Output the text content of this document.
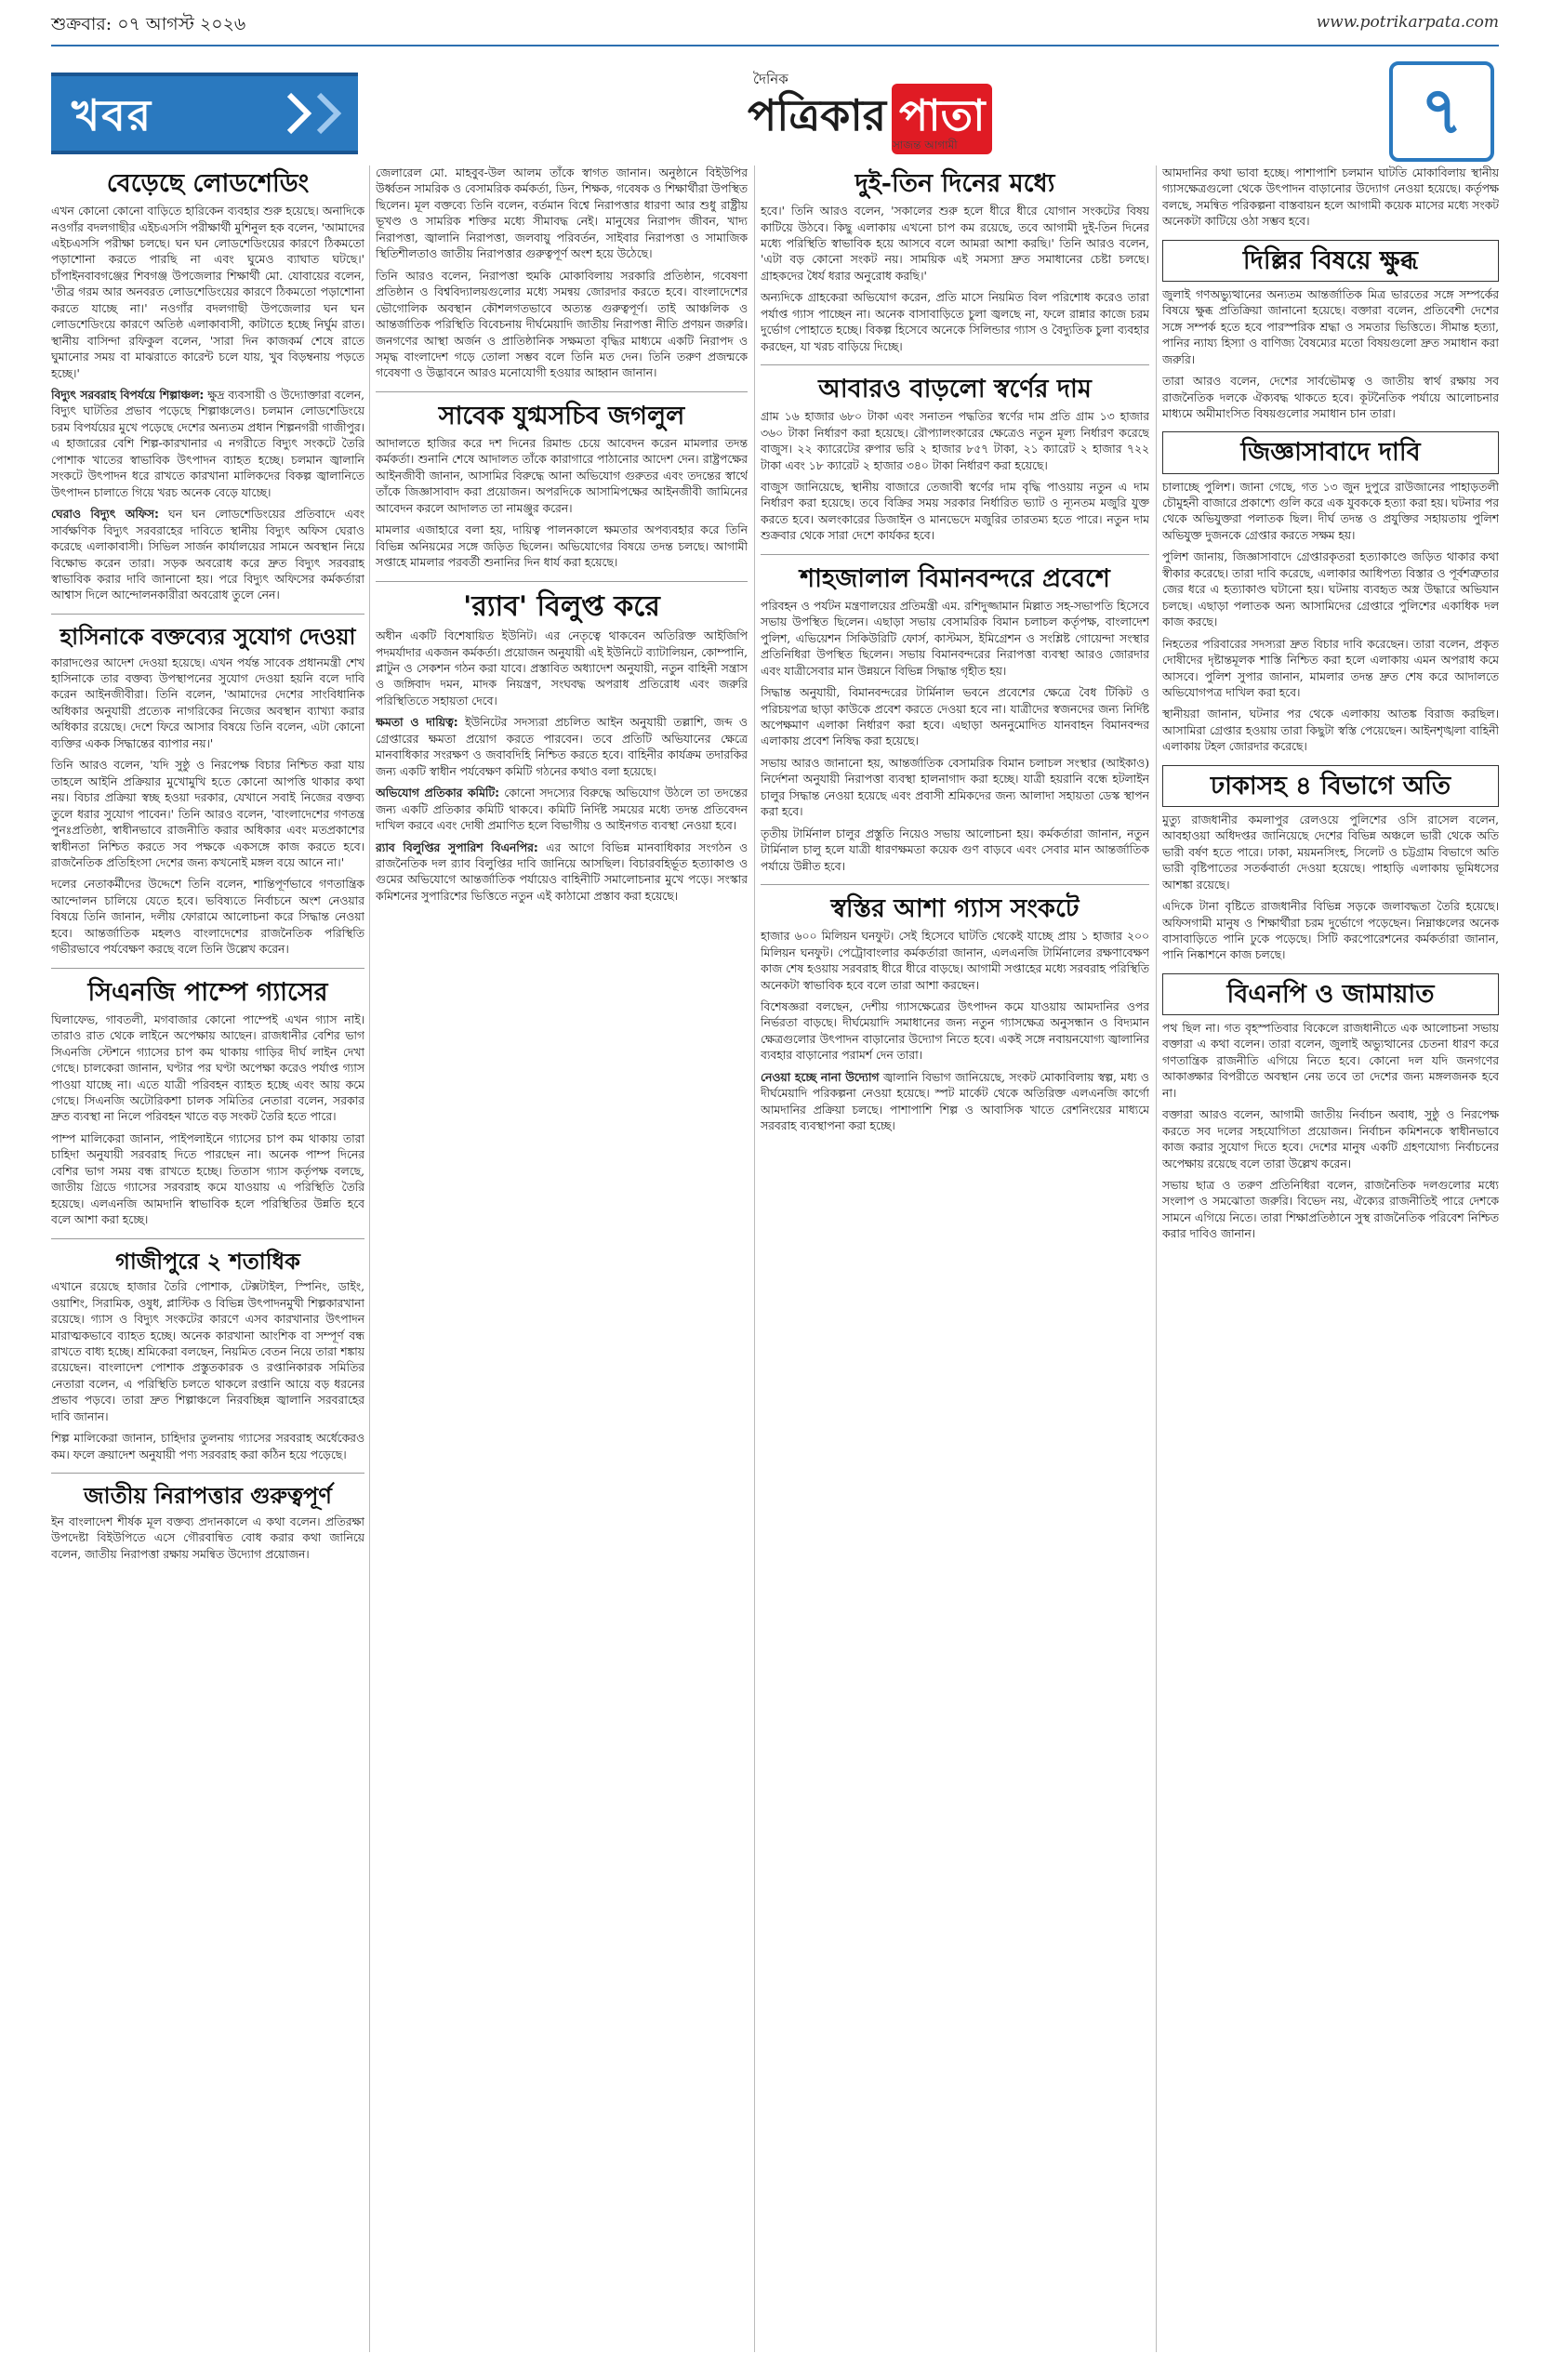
শুক্রবার: ০৭ আগস্ট ২০২৬	www.potrikarpata.com
খবর
দৈনিক
পত্রিকার পাতা
সাজন্ত আগামী	৭
বেড়েছে লোডশেডিং

এখন কোনো কোনো বাড়িতে হারিকেন ব্যবহার শুরু হয়েছে। অনাদিকে নওগাঁর বদলগাছীর এইচএসসি পরীক্ষার্থী মুশিনুল হক বলেন, 'আমাদের এইচএসসি পরীক্ষা চলছে। ঘন ঘন লোডশেডিংয়ের কারণে ঠিকমতো পড়াশোনা করতে পারছি না এবং ঘুমেও ব্যাঘাত ঘটছে।' চাঁপাইনবাবগঞ্জের শিবগঞ্জ উপজেলার শিক্ষার্থী মো. যোবায়ের বলেন, 'তীব্র গরম আর অনবরত লোডশেডিংয়ের কারণে ঠিকমতো পড়াশোনা করতে যাচ্ছে না।' নওগাঁর বদলগাছী উপজেলার ঘন ঘন লোডশেডিংয়ে কারণে অতিষ্ঠ এলাকাবাসী, কাটাতে হচ্ছে নির্ঘুম রাত। স্থানীয় বাসিন্দা রফিকুল বলেন, 'সারা দিন কাজকর্ম শেষে রাতে ঘুমানোর সময় বা মাঝরাতে কারেন্ট চলে যায়, খুব বিড়ম্বনায় পড়তে হচ্ছে।'

বিদ্যুৎ সরবরাহ বিপর্যয়ে শিল্পাঞ্চল: ক্ষুদ্র ব্যবসায়ী ও উদ্যোক্তারা বলেন, বিদ্যুৎ ঘাটতির প্রভাব পড়েছে শিল্পাঞ্চলেও। চলমান লোডশেডিংয়ে চরম বিপর্যয়ের মুখে পড়েছে দেশের অন্যতম প্রধান শিল্পনগরী গাজীপুর। এ হাজারের বেশি শিল্প-কারখানার এ নগরীতে বিদ্যুৎ সংকটে তৈরি পোশাক খাতের স্বাভাবিক উৎপাদন ব্যাহত হচ্ছে। চলমান জ্বালানি সংকটে উৎপাদন ধরে রাখতে কারখানা মালিকদের বিকল্প জ্বালানিতে উৎপাদন চালাতে গিয়ে খরচ অনেক বেড়ে যাচ্ছে।

ঘেরাও বিদ্যুৎ অফিস: ঘন ঘন লোডশেডিংয়ের প্রতিবাদে এবং সার্বক্ষণিক বিদ্যুৎ সরবরাহের দাবিতে স্থানীয় বিদ্যুৎ অফিস ঘেরাও করেছে এলাকাবাসী। সিভিল সার্জন কার্যালয়ের সামনে অবস্থান নিয়ে বিক্ষোভ করেন তারা। সড়ক অবরোধ করে দ্রুত বিদ্যুৎ সরবরাহ স্বাভাবিক করার দাবি জানানো হয়। পরে বিদ্যুৎ অফিসের কর্মকর্তারা আশ্বাস দিলে আন্দোলনকারীরা অবরোধ তুলে নেন।

হাসিনাকে বক্তব্যের সুযোগ দেওয়া

কারাদণ্ডের আদেশ দেওয়া হয়েছে। এখন পর্যন্ত সাবেক প্রধানমন্ত্রী শেখ হাসিনাকে তার বক্তব্য উপস্থাপনের সুযোগ দেওয়া হয়নি বলে দাবি করেন আইনজীবীরা। তিনি বলেন, 'আমাদের দেশের সাংবিধানিক অধিকার অনুযায়ী প্রত্যেক নাগরিকের নিজের অবস্থান ব্যাখ্যা করার অধিকার রয়েছে। দেশে ফিরে আসার বিষয়ে তিনি বলেন, এটা কোনো ব্যক্তির একক সিদ্ধান্তের ব্যাপার নয়।'

তিনি আরও বলেন, 'যদি সুষ্ঠু ও নিরপেক্ষ বিচার নিশ্চিত করা যায় তাহলে আইনি প্রক্রিয়ার মুখোমুখি হতে কোনো আপত্তি থাকার কথা নয়। বিচার প্রক্রিয়া স্বচ্ছ হওয়া দরকার, যেখানে সবাই নিজের বক্তব্য তুলে ধরার সুযোগ পাবেন।' তিনি আরও বলেন, 'বাংলাদেশের গণতন্ত্র পুনঃপ্রতিষ্ঠা, স্বাধীনভাবে রাজনীতি করার অধিকার এবং মতপ্রকাশের স্বাধীনতা নিশ্চিত করতে সব পক্ষকে একসঙ্গে কাজ করতে হবে। রাজনৈতিক প্রতিহিংসা দেশের জন্য কখনোই মঙ্গল বয়ে আনে না।'

দলের নেতাকর্মীদের উদ্দেশে তিনি বলেন, শান্তিপূর্ণভাবে গণতান্ত্রিক আন্দোলন চালিয়ে যেতে হবে। ভবিষ্যতে নির্বাচনে অংশ নেওয়ার বিষয়ে তিনি জানান, দলীয় ফোরামে আলোচনা করে সিদ্ধান্ত নেওয়া হবে। আন্তর্জাতিক মহলও বাংলাদেশের রাজনৈতিক পরিস্থিতি গভীরভাবে পর্যবেক্ষণ করছে বলে তিনি উল্লেখ করেন।

সিএনজি পাম্পে গ্যাসের

ঘিলাফেভ, গাবতলী, মগবাজার কোনো পাম্পেই এখন গ্যাস নাই। তারাও রাত থেকে লাইনে অপেক্ষায় আছেন। রাজধানীর বেশির ভাগ সিএনজি স্টেশনে গ্যাসের চাপ কম থাকায় গাড়ির দীর্ঘ লাইন দেখা গেছে। চালকেরা জানান, ঘণ্টার পর ঘণ্টা অপেক্ষা করেও পর্যাপ্ত গ্যাস পাওয়া যাচ্ছে না। এতে যাত্রী পরিবহন ব্যাহত হচ্ছে এবং আয় কমে গেছে। সিএনজি অটোরিকশা চালক সমিতির নেতারা বলেন, সরকার দ্রুত ব্যবস্থা না নিলে পরিবহন খাতে বড় সংকট তৈরি হতে পারে।

পাম্প মালিকেরা জানান, পাইপলাইনে গ্যাসের চাপ কম থাকায় তারা চাহিদা অনুযায়ী সরবরাহ দিতে পারছেন না। অনেক পাম্প দিনের বেশির ভাগ সময় বন্ধ রাখতে হচ্ছে। তিতাস গ্যাস কর্তৃপক্ষ বলছে, জাতীয় গ্রিডে গ্যাসের সরবরাহ কমে যাওয়ায় এ পরিস্থিতি তৈরি হয়েছে। এলএনজি আমদানি স্বাভাবিক হলে পরিস্থিতির উন্নতি হবে বলে আশা করা হচ্ছে।

গাজীপুরে ২ শতাধিক

এখানে রয়েছে হাজার তৈরি পোশাক, টেক্সটাইল, স্পিনিং, ডাইং, ওয়াশিং, সিরামিক, ওষুধ, প্লাস্টিক ও বিভিন্ন উৎপাদনমুখী শিল্পকারখানা রয়েছে। গ্যাস ও বিদ্যুৎ সংকটের কারণে এসব কারখানার উৎপাদন মারাত্মকভাবে ব্যাহত হচ্ছে। অনেক কারখানা আংশিক বা সম্পূর্ণ বন্ধ রাখতে বাধ্য হচ্ছে। শ্রমিকেরা বলছেন, নিয়মিত বেতন নিয়ে তারা শঙ্কায় রয়েছেন। বাংলাদেশ পোশাক প্রস্তুতকারক ও রপ্তানিকারক সমিতির নেতারা বলেন, এ পরিস্থিতি চলতে থাকলে রপ্তানি আয়ে বড় ধরনের প্রভাব পড়বে। তারা দ্রুত শিল্পাঞ্চলে নিরবচ্ছিন্ন জ্বালানি সরবরাহের দাবি জানান।

শিল্প মালিকেরা জানান, চাহিদার তুলনায় গ্যাসের সরবরাহ অর্ধেকেরও কম। ফলে ক্রয়াদেশ অনুযায়ী পণ্য সরবরাহ করা কঠিন হয়ে পড়েছে।

জাতীয় নিরাপত্তার গুরুত্বপূর্ণ

ইন বাংলাদেশ শীর্ষক মূল বক্তব্য প্রদানকালে এ কথা বলেন। প্রতিরক্ষা উপদেষ্টা বিইউপিতে এসে গৌরবান্বিত বোধ করার কথা জানিয়ে বলেন, জাতীয় নিরাপত্তা রক্ষায় সমন্বিত উদ্যোগ প্রয়োজন।

জেলারেল মো. মাহবুব-উল আলম তাঁকে স্বাগত জানান। অনুষ্ঠানে বিইউপির উর্ধ্বতন সামরিক ও বেসামরিক কর্মকর্তা, ডিন, শিক্ষক, গবেষক ও শিক্ষার্থীরা উপস্থিত ছিলেন। মূল বক্তব্যে তিনি বলেন, বর্তমান বিশ্বে নিরাপত্তার ধারণা আর শুধু রাষ্ট্রীয় ভূখণ্ড ও সামরিক শক্তির মধ্যে সীমাবদ্ধ নেই। মানুষের নিরাপদ জীবন, খাদ্য নিরাপত্তা, জ্বালানি নিরাপত্তা, জলবায়ু পরিবর্তন, সাইবার নিরাপত্তা ও সামাজিক স্থিতিশীলতাও জাতীয় নিরাপত্তার গুরুত্বপূর্ণ অংশ হয়ে উঠেছে।

তিনি আরও বলেন, নিরাপত্তা হুমকি মোকাবিলায় সরকারি প্রতিষ্ঠান, গবেষণা প্রতিষ্ঠান ও বিশ্ববিদ্যালয়গুলোর মধ্যে সমন্বয় জোরদার করতে হবে। বাংলাদেশের ভৌগোলিক অবস্থান কৌশলগতভাবে অত্যন্ত গুরুত্বপূর্ণ। তাই আঞ্চলিক ও আন্তর্জাতিক পরিস্থিতি বিবেচনায় দীর্ঘমেয়াদি জাতীয় নিরাপত্তা নীতি প্রণয়ন জরুরি। জনগণের আস্থা অর্জন ও প্রাতিষ্ঠানিক সক্ষমতা বৃদ্ধির মাধ্যমে একটি নিরাপদ ও সমৃদ্ধ বাংলাদেশ গড়ে তোলা সম্ভব বলে তিনি মত দেন। তিনি তরুণ প্রজন্মকে গবেষণা ও উদ্ভাবনে আরও মনোযোগী হওয়ার আহ্বান জানান।

সাবেক যুগ্মসচিব জগলুল

আদালতে হাজির করে দশ দিনের রিমান্ড চেয়ে আবেদন করেন মামলার তদন্ত কর্মকর্তা। শুনানি শেষে আদালত তাঁকে কারাগারে পাঠানোর আদেশ দেন। রাষ্ট্রপক্ষের আইনজীবী জানান, আসামির বিরুদ্ধে আনা অভিযোগ গুরুতর এবং তদন্তের স্বার্থে তাঁকে জিজ্ঞাসাবাদ করা প্রয়োজন। অপরদিকে আসামিপক্ষের আইনজীবী জামিনের আবেদন করলে আদালত তা নামঞ্জুর করেন।

মামলার এজাহারে বলা হয়, দায়িত্ব পালনকালে ক্ষমতার অপব্যবহার করে তিনি বিভিন্ন অনিয়মের সঙ্গে জড়িত ছিলেন। অভিযোগের বিষয়ে তদন্ত চলছে। আগামী সপ্তাহে মামলার পরবর্তী শুনানির দিন ধার্য করা হয়েছে।

'র‍্যাব' বিলুপ্ত করে

অধীন একটি বিশেষায়িত ইউনিট। এর নেতৃত্বে থাকবেন অতিরিক্ত আইজিপি পদমর্যাদার একজন কর্মকর্তা। প্রয়োজন অনুযায়ী এই ইউনিটে ব্যাটালিয়ন, কোম্পানি, প্লাটুন ও সেকশন গঠন করা যাবে। প্রস্তাবিত অধ্যাদেশ অনুযায়ী, নতুন বাহিনী সন্ত্রাস ও জঙ্গিবাদ দমন, মাদক নিয়ন্ত্রণ, সংঘবদ্ধ অপরাধ প্রতিরোধ এবং জরুরি পরিস্থিতিতে সহায়তা দেবে।

ক্ষমতা ও দায়িত্ব: ইউনিটের সদস্যরা প্রচলিত আইন অনুযায়ী তল্লাশি, জব্দ ও গ্রেপ্তারের ক্ষমতা প্রয়োগ করতে পারবেন। তবে প্রতিটি অভিযানের ক্ষেত্রে মানবাধিকার সংরক্ষণ ও জবাবদিহি নিশ্চিত করতে হবে। বাহিনীর কার্যক্রম তদারকির জন্য একটি স্বাধীন পর্যবেক্ষণ কমিটি গঠনের কথাও বলা হয়েছে।

অভিযোগ প্রতিকার কমিটি: কোনো সদস্যের বিরুদ্ধে অভিযোগ উঠলে তা তদন্তের জন্য একটি প্রতিকার কমিটি থাকবে। কমিটি নির্দিষ্ট সময়ের মধ্যে তদন্ত প্রতিবেদন দাখিল করবে এবং দোষী প্রমাণিত হলে বিভাগীয় ও আইনগত ব্যবস্থা নেওয়া হবে।

র‍্যাব বিলুপ্তির সুপারিশ বিএনপির: এর আগে বিভিন্ন মানবাধিকার সংগঠন ও রাজনৈতিক দল র‍্যাব বিলুপ্তির দাবি জানিয়ে আসছিল। বিচারবহির্ভূত হত্যাকাণ্ড ও গুমের অভিযোগে আন্তর্জাতিক পর্যায়েও বাহিনীটি সমালোচনার মুখে পড়ে। সংস্কার কমিশনের সুপারিশের ভিত্তিতে নতুন এই কাঠামো প্রস্তাব করা হয়েছে।

দুই-তিন দিনের মধ্যে

হবে।' তিনি আরও বলেন, 'সকালের শুরু হলে ধীরে ধীরে যোগান সংকটের বিষয় কাটিয়ে উঠবে। কিছু এলাকায় এখনো চাপ কম রয়েছে, তবে আগামী দুই-তিন দিনের মধ্যে পরিস্থিতি স্বাভাবিক হয়ে আসবে বলে আমরা আশা করছি।' তিনি আরও বলেন, 'এটা বড় কোনো সংকট নয়। সাময়িক এই সমস্যা দ্রুত সমাধানের চেষ্টা চলছে। গ্রাহকদের ধৈর্য ধরার অনুরোধ করছি।'

অন্যদিকে গ্রাহকেরা অভিযোগ করেন, প্রতি মাসে নিয়মিত বিল পরিশোধ করেও তারা পর্যাপ্ত গ্যাস পাচ্ছেন না। অনেক বাসাবাড়িতে চুলা জ্বলছে না, ফলে রান্নার কাজে চরম দুর্ভোগ পোহাতে হচ্ছে। বিকল্প হিসেবে অনেকে সিলিন্ডার গ্যাস ও বৈদ্যুতিক চুলা ব্যবহার করছেন, যা খরচ বাড়িয়ে দিচ্ছে।

আবারও বাড়লো স্বর্ণের দাম

গ্রাম ১৬ হাজার ৬৮০ টাকা এবং সনাতন পদ্ধতির স্বর্ণের দাম প্রতি গ্রাম ১৩ হাজার ৩৬০ টাকা নির্ধারণ করা হয়েছে। রৌপ্যালংকারের ক্ষেত্রেও নতুন মূল্য নির্ধারণ করেছে বাজুস। ২২ ক্যারেটের রুপার ভরি ২ হাজার ৮৫৭ টাকা, ২১ ক্যারেট ২ হাজার ৭২২ টাকা এবং ১৮ ক্যারেট ২ হাজার ৩৪০ টাকা নির্ধারণ করা হয়েছে।

বাজুস জানিয়েছে, স্থানীয় বাজারে তেজাবী স্বর্ণের দাম বৃদ্ধি পাওয়ায় নতুন এ দাম নির্ধারণ করা হয়েছে। তবে বিক্রির সময় সরকার নির্ধারিত ভ্যাট ও ন্যূনতম মজুরি যুক্ত করতে হবে। অলংকারের ডিজাইন ও মানভেদে মজুরির তারতম্য হতে পারে। নতুন দাম শুক্রবার থেকে সারা দেশে কার্যকর হবে।

শাহজালাল বিমানবন্দরে প্রবেশে

পরিবহন ও পর্যটন মন্ত্রণালয়ের প্রতিমন্ত্রী এম. রশিদুজ্জামান মিল্লাত সহ-সভাপতি হিসেবে সভায় উপস্থিত ছিলেন। এছাড়া সভায় বেসামরিক বিমান চলাচল কর্তৃপক্ষ, বাংলাদেশ পুলিশ, এভিয়েশন সিকিউরিটি ফোর্স, কাস্টমস, ইমিগ্রেশন ও সংশ্লিষ্ট গোয়েন্দা সংস্থার প্রতিনিধিরা উপস্থিত ছিলেন। সভায় বিমানবন্দরের নিরাপত্তা ব্যবস্থা আরও জোরদার এবং যাত্রীসেবার মান উন্নয়নে বিভিন্ন সিদ্ধান্ত গৃহীত হয়।

সিদ্ধান্ত অনুযায়ী, বিমানবন্দরের টার্মিনাল ভবনে প্রবেশের ক্ষেত্রে বৈধ টিকিট ও পরিচয়পত্র ছাড়া কাউকে প্রবেশ করতে দেওয়া হবে না। যাত্রীদের স্বজনদের জন্য নির্দিষ্ট অপেক্ষমাণ এলাকা নির্ধারণ করা হবে। এছাড়া অননুমোদিত যানবাহন বিমানবন্দর এলাকায় প্রবেশ নিষিদ্ধ করা হয়েছে।

সভায় আরও জানানো হয়, আন্তর্জাতিক বেসামরিক বিমান চলাচল সংস্থার (আইকাও) নির্দেশনা অনুযায়ী নিরাপত্তা ব্যবস্থা হালনাগাদ করা হচ্ছে। যাত্রী হয়রানি বন্ধে হটলাইন চালুর সিদ্ধান্ত নেওয়া হয়েছে এবং প্রবাসী শ্রমিকদের জন্য আলাদা সহায়তা ডেস্ক স্থাপন করা হবে।

তৃতীয় টার্মিনাল চালুর প্রস্তুতি নিয়েও সভায় আলোচনা হয়। কর্মকর্তারা জানান, নতুন টার্মিনাল চালু হলে যাত্রী ধারণক্ষমতা কয়েক গুণ বাড়বে এবং সেবার মান আন্তর্জাতিক পর্যায়ে উন্নীত হবে।

স্বস্তির আশা গ্যাস সংকটে

হাজার ৬০০ মিলিয়ন ঘনফুট। সেই হিসেবে ঘাটতি থেকেই যাচ্ছে প্রায় ১ হাজার ২০০ মিলিয়ন ঘনফুট। পেট্রোবাংলার কর্মকর্তারা জানান, এলএনজি টার্মিনালের রক্ষণাবেক্ষণ কাজ শেষ হওয়ায় সরবরাহ ধীরে ধীরে বাড়ছে। আগামী সপ্তাহের মধ্যে সরবরাহ পরিস্থিতি অনেকটা স্বাভাবিক হবে বলে তারা আশা করছেন।

বিশেষজ্ঞরা বলছেন, দেশীয় গ্যাসক্ষেত্রের উৎপাদন কমে যাওয়ায় আমদানির ওপর নির্ভরতা বাড়ছে। দীর্ঘমেয়াদি সমাধানের জন্য নতুন গ্যাসক্ষেত্র অনুসন্ধান ও বিদ্যমান ক্ষেত্রগুলোর উৎপাদন বাড়ানোর উদ্যোগ নিতে হবে। একই সঙ্গে নবায়নযোগ্য জ্বালানির ব্যবহার বাড়ানোর পরামর্শ দেন তারা।

নেওয়া হচ্ছে নানা উদ্যোগ জ্বালানি বিভাগ জানিয়েছে, সংকট মোকাবিলায় স্বল্প, মধ্য ও দীর্ঘমেয়াদি পরিকল্পনা নেওয়া হয়েছে। স্পট মার্কেট থেকে অতিরিক্ত এলএনজি কার্গো আমদানির প্রক্রিয়া চলছে। পাশাপাশি শিল্প ও আবাসিক খাতে রেশনিংয়ের মাধ্যমে সরবরাহ ব্যবস্থাপনা করা হচ্ছে।

আমদানির কথা ভাবা হচ্ছে। পাশাপাশি চলমান ঘাটতি মোকাবিলায় স্থানীয় গ্যাসক্ষেত্রগুলো থেকে উৎপাদন বাড়ানোর উদ্যোগ নেওয়া হয়েছে। কর্তৃপক্ষ বলছে, সমন্বিত পরিকল্পনা বাস্তবায়ন হলে আগামী কয়েক মাসের মধ্যে সংকট অনেকটা কাটিয়ে ওঠা সম্ভব হবে।

দিল্লির বিষয়ে ক্ষুব্ধ

জুলাই গণঅভ্যুত্থানের অন্যতম আন্তর্জাতিক মিত্র ভারতের সঙ্গে সম্পর্কের বিষয়ে ক্ষুব্ধ প্রতিক্রিয়া জানানো হয়েছে। বক্তারা বলেন, প্রতিবেশী দেশের সঙ্গে সম্পর্ক হতে হবে পারস্পরিক শ্রদ্ধা ও সমতার ভিত্তিতে। সীমান্ত হত্যা, পানির ন্যায্য হিস্যা ও বাণিজ্য বৈষম্যের মতো বিষয়গুলো দ্রুত সমাধান করা জরুরি।

তারা আরও বলেন, দেশের সার্বভৌমত্ব ও জাতীয় স্বার্থ রক্ষায় সব রাজনৈতিক দলকে ঐক্যবদ্ধ থাকতে হবে। কূটনৈতিক পর্যায়ে আলোচনার মাধ্যমে অমীমাংসিত বিষয়গুলোর সমাধান চান তারা।

জিজ্ঞাসাবাদে দাবি

চালাচ্ছে পুলিশ। জানা গেছে, গত ১৩ জুন দুপুরে রাউজানের পাহাড়তলী চৌমুহনী বাজারে প্রকাশ্যে গুলি করে এক যুবককে হত্যা করা হয়। ঘটনার পর থেকে অভিযুক্তরা পলাতক ছিল। দীর্ঘ তদন্ত ও প্রযুক্তির সহায়তায় পুলিশ অভিযুক্ত দুজনকে গ্রেপ্তার করতে সক্ষম হয়।

পুলিশ জানায়, জিজ্ঞাসাবাদে গ্রেপ্তারকৃতরা হত্যাকাণ্ডে জড়িত থাকার কথা স্বীকার করেছে। তারা দাবি করেছে, এলাকার আধিপত্য বিস্তার ও পূর্বশত্রুতার জের ধরে এ হত্যাকাণ্ড ঘটানো হয়। ঘটনায় ব্যবহৃত অস্ত্র উদ্ধারে অভিযান চলছে। এছাড়া পলাতক অন্য আসামিদের গ্রেপ্তারে পুলিশের একাধিক দল কাজ করছে।

নিহতের পরিবারের সদস্যরা দ্রুত বিচার দাবি করেছেন। তারা বলেন, প্রকৃত দোষীদের দৃষ্টান্তমূলক শাস্তি নিশ্চিত করা হলে এলাকায় এমন অপরাধ কমে আসবে। পুলিশ সুপার জানান, মামলার তদন্ত দ্রুত শেষ করে আদালতে অভিযোগপত্র দাখিল করা হবে।

স্থানীয়রা জানান, ঘটনার পর থেকে এলাকায় আতঙ্ক বিরাজ করছিল। আসামিরা গ্রেপ্তার হওয়ায় তারা কিছুটা স্বস্তি পেয়েছেন। আইনশৃঙ্খলা বাহিনী এলাকায় টহল জোরদার করেছে।

ঢাকাসহ ৪ বিভাগে অতি

মুত্যু রাজধানীর কমলাপুর রেলওয়ে পুলিশের ওসি রাসেল বলেন, আবহাওয়া অধিদপ্তর জানিয়েছে দেশের বিভিন্ন অঞ্চলে ভারী থেকে অতি ভারী বর্ষণ হতে পারে। ঢাকা, ময়মনসিংহ, সিলেট ও চট্টগ্রাম বিভাগে অতি ভারী বৃষ্টিপাতের সতর্কবার্তা দেওয়া হয়েছে। পাহাড়ি এলাকায় ভূমিধসের আশঙ্কা রয়েছে।

এদিকে টানা বৃষ্টিতে রাজধানীর বিভিন্ন সড়কে জলাবদ্ধতা তৈরি হয়েছে। অফিসগামী মানুষ ও শিক্ষার্থীরা চরম দুর্ভোগে পড়েছেন। নিম্নাঞ্চলের অনেক বাসাবাড়িতে পানি ঢুকে পড়েছে। সিটি করপোরেশনের কর্মকর্তারা জানান, পানি নিষ্কাশনে কাজ চলছে।

বিএনপি ও জামায়াত

পথ ছিল না। গত বৃহস্পতিবার বিকেলে রাজধানীতে এক আলোচনা সভায় বক্তারা এ কথা বলেন। তারা বলেন, জুলাই অভ্যুত্থানের চেতনা ধারণ করে গণতান্ত্রিক রাজনীতি এগিয়ে নিতে হবে। কোনো দল যদি জনগণের আকাঙ্ক্ষার বিপরীতে অবস্থান নেয় তবে তা দেশের জন্য মঙ্গলজনক হবে না।

বক্তারা আরও বলেন, আগামী জাতীয় নির্বাচন অবাধ, সুষ্ঠু ও নিরপেক্ষ করতে সব দলের সহযোগিতা প্রয়োজন। নির্বাচন কমিশনকে স্বাধীনভাবে কাজ করার সুযোগ দিতে হবে। দেশের মানুষ একটি গ্রহণযোগ্য নির্বাচনের অপেক্ষায় রয়েছে বলে তারা উল্লেখ করেন।

সভায় ছাত্র ও তরুণ প্রতিনিধিরা বলেন, রাজনৈতিক দলগুলোর মধ্যে সংলাপ ও সমঝোতা জরুরি। বিভেদ নয়, ঐক্যের রাজনীতিই পারে দেশকে সামনে এগিয়ে নিতে। তারা শিক্ষাপ্রতিষ্ঠানে সুস্থ রাজনৈতিক পরিবেশ নিশ্চিত করার দাবিও জানান।
